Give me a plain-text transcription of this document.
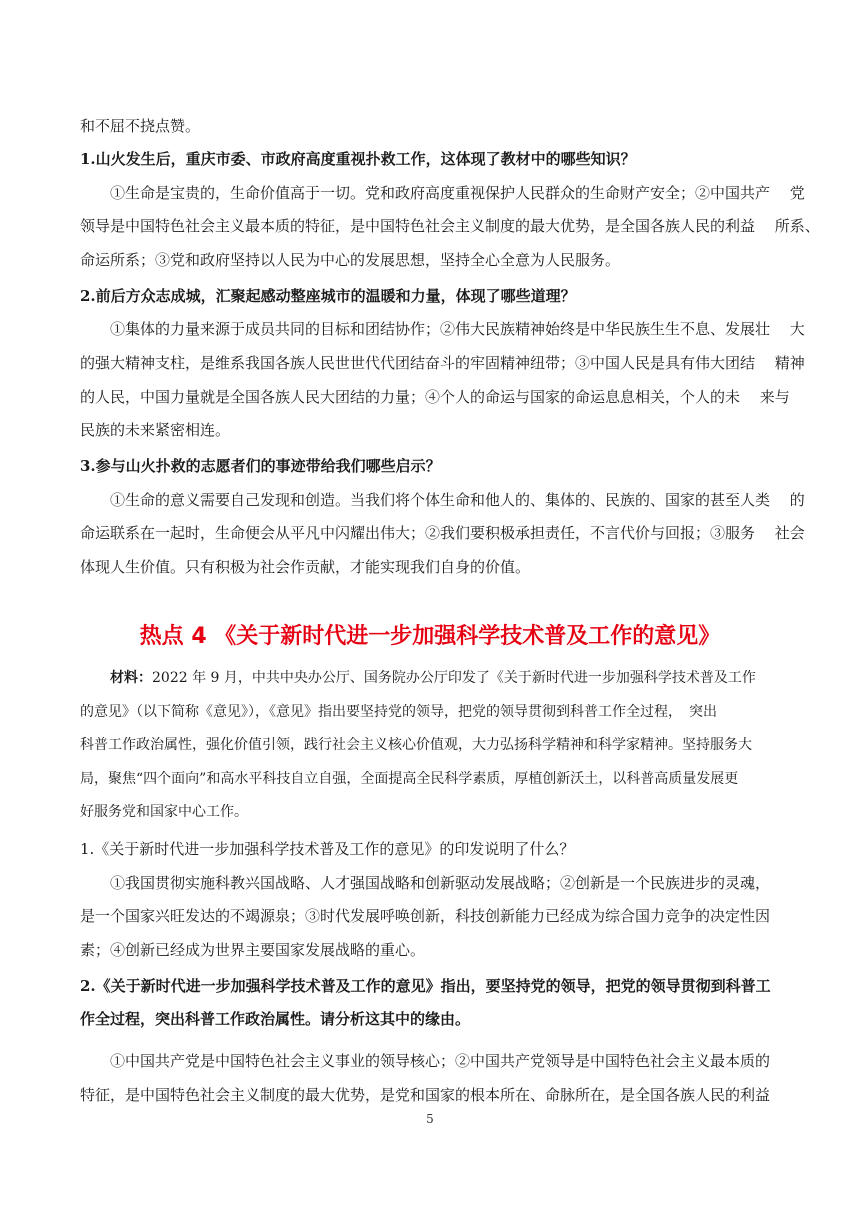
和不屈不挠点赞。
1.山火发生后，重庆市委、市政府高度重视扑救工作，这体现了教材中的哪些知识？
①生命是宝贵的，生命价值高于一切。党和政府高度重视保护人民群众的生命财产安全；②中国共产　 党
领导是中国特色社会主义最本质的特征，是中国特色社会主义制度的最大优势，是全国各族人民的利益　 所系、
命运所系；③党和政府坚持以人民为中心的发展思想，坚持全心全意为人民服务。
2.前后方众志成城，汇聚起感动整座城市的温暖和力量，体现了哪些道理？
①集体的力量来源于成员共同的目标和团结协作；②伟大民族精神始终是中华民族生生不息、发展壮　 大
的强大精神支柱，是维系我国各族人民世世代代团结奋斗的牢固精神纽带；③中国人民是具有伟大团结　 精神
的人民，中国力量就是全国各族人民大团结的力量；④个人的命运与国家的命运息息相关，个人的未　 来与
民族的未来紧密相连。
3.参与山火扑救的志愿者们的事迹带给我们哪些启示？
①生命的意义需要自己发现和创造。当我们将个体生命和他人的、集体的、民族的、国家的甚至人类　 的
命运联系在一起时，生命便会从平凡中闪耀出伟大；②我们要积极承担责任，不言代价与回报；③服务　 社会
体现人生价值。只有积极为社会作贡献，才能实现我们自身的价值。
热点 4 《关于新时代进一步加强科学技术普及工作的意见》
材料：2022 年 9 月，中共中央办公厅、国务院办公厅印发了《关于新时代进一步加强科学技术普及工作
的意见》（以下简称《意见》），《意见》指出要坚持党的领导，把党的领导贯彻到科普工作全过程，　突出
科普工作政治属性，强化价值引领，践行社会主义核心价值观，大力弘扬科学精神和科学家精神。坚持服务大
局，聚焦“四个面向”和高水平科技自立自强，全面提高全民科学素质，厚植创新沃土，以科普高质量发展更
好服务党和国家中心工作。
1.《关于新时代进一步加强科学技术普及工作的意见》的印发说明了什么？
①我国贯彻实施科教兴国战略、人才强国战略和创新驱动发展战略；②创新是一个民族进步的灵魂，
是一个国家兴旺发达的不竭源泉；③时代发展呼唤创新，科技创新能力已经成为综合国力竞争的决定性因
素；④创新已经成为世界主要国家发展战略的重心。
2.《关于新时代进一步加强科学技术普及工作的意见》指出，要坚持党的领导，把党的领导贯彻到科普工
作全过程，突出科普工作政治属性。请分析这其中的缘由。
①中国共产党是中国特色社会主义事业的领导核心；②中国共产党领导是中国特色社会主义最本质的
特征，是中国特色社会主义制度的最大优势，是党和国家的根本所在、命脉所在，是全国各族人民的利益
5
